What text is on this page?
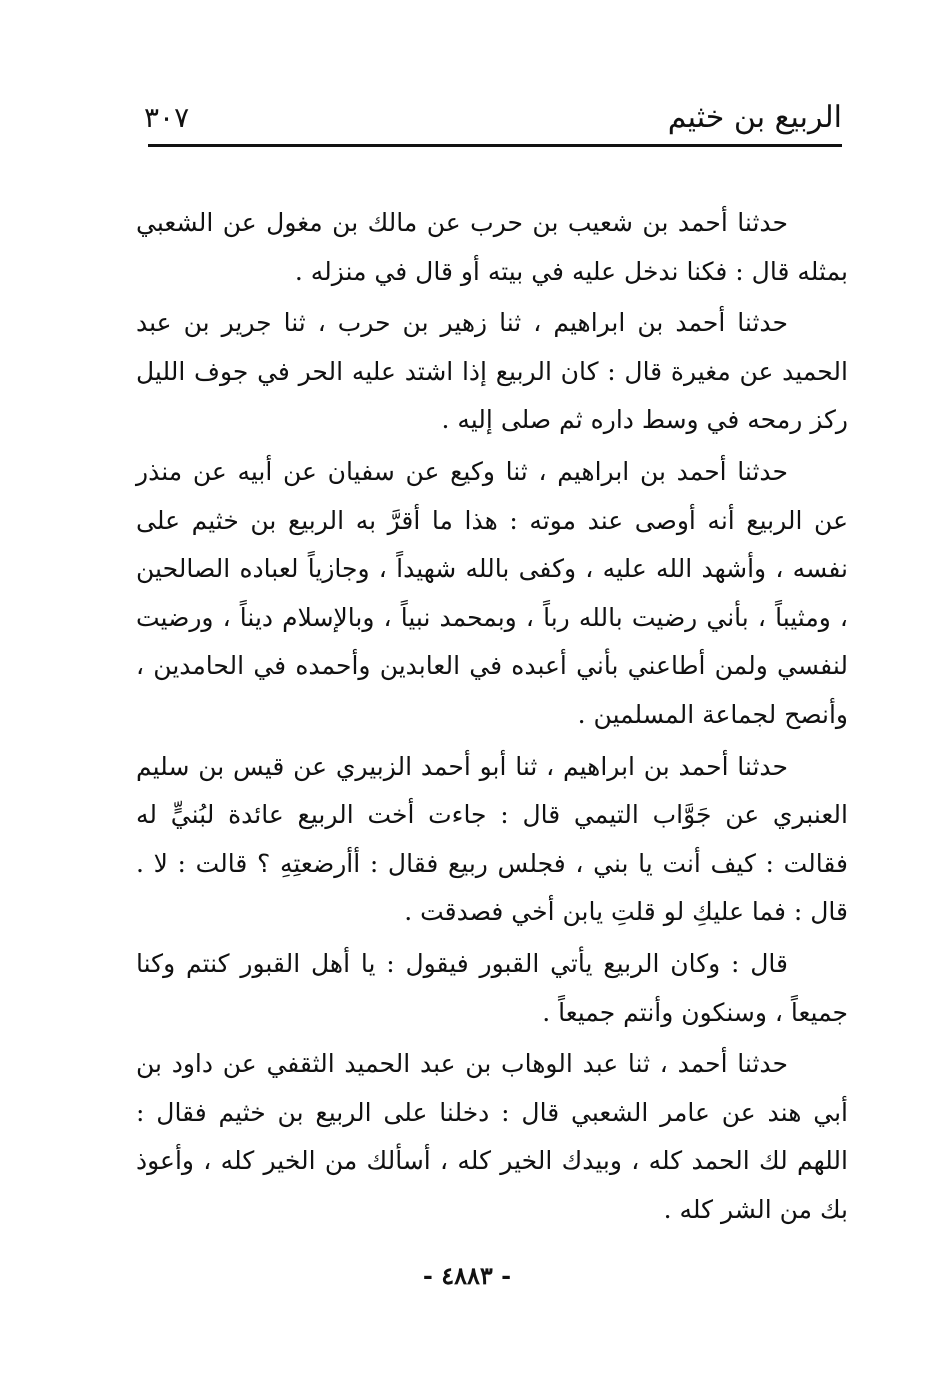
الربيع بن خثيم
٣٠٧

حدثنا أحمد بن شعيب بن حرب عن مالك بن مغول عن الشعبي بمثله قال : فكنا ندخل عليه في بيته أو قال في منزله .

حدثنا أحمد بن ابراهيم ، ثنا زهير بن حرب ، ثنا جرير بن عبد الحميد عن مغيرة قال : كان الربيع إذا اشتد عليه الحر في جوف الليل ركز رمحه في وسط داره ثم صلى إليه .

حدثنا أحمد بن ابراهيم ، ثنا وكيع عن سفيان عن أبيه عن منذر عن الربيع أنه أوصى عند موته : هذا ما أقرَّ به الربيع بن خثيم على نفسه ، وأشهد الله عليه ، وكفى بالله شهيداً ، وجازياً لعباده الصالحين ، ومثيباً ، بأني رضيت بالله رباً ، وبمحمد نبياً ، وبالإسلام ديناً ، ورضيت لنفسي ولمن أطاعني بأني أعبده في العابدين وأحمده في الحامدين ، وأنصح لجماعة المسلمين .

حدثنا أحمد بن ابراهيم ، ثنا أبو أحمد الزبيري عن قيس بن سليم العنبري عن جَوَّاب التيمي قال : جاءت أخت الربيع عائدة لبُنيٍّ له فقالت : كيف أنت يا بني ، فجلس ربيع فقال : أأرضعتِهِ ؟ قالت : لا . قال : فما عليكِ لو قلتِ يابن أخي فصدقت .

قال : وكان الربيع يأتي القبور فيقول : يا أهل القبور كنتم وكنا جميعاً ، وسنكون وأنتم جميعاً .

حدثنا أحمد ، ثنا عبد الوهاب بن عبد الحميد الثقفي عن داود بن أبي هند عن عامر الشعبي قال : دخلنا على الربيع بن خثيم فقال : اللهم لك الحمد كله ، وبيدك الخير كله ، أسألك من الخير كله ، وأعوذ بك من الشر كله .

- ٤٨٨٣ -
